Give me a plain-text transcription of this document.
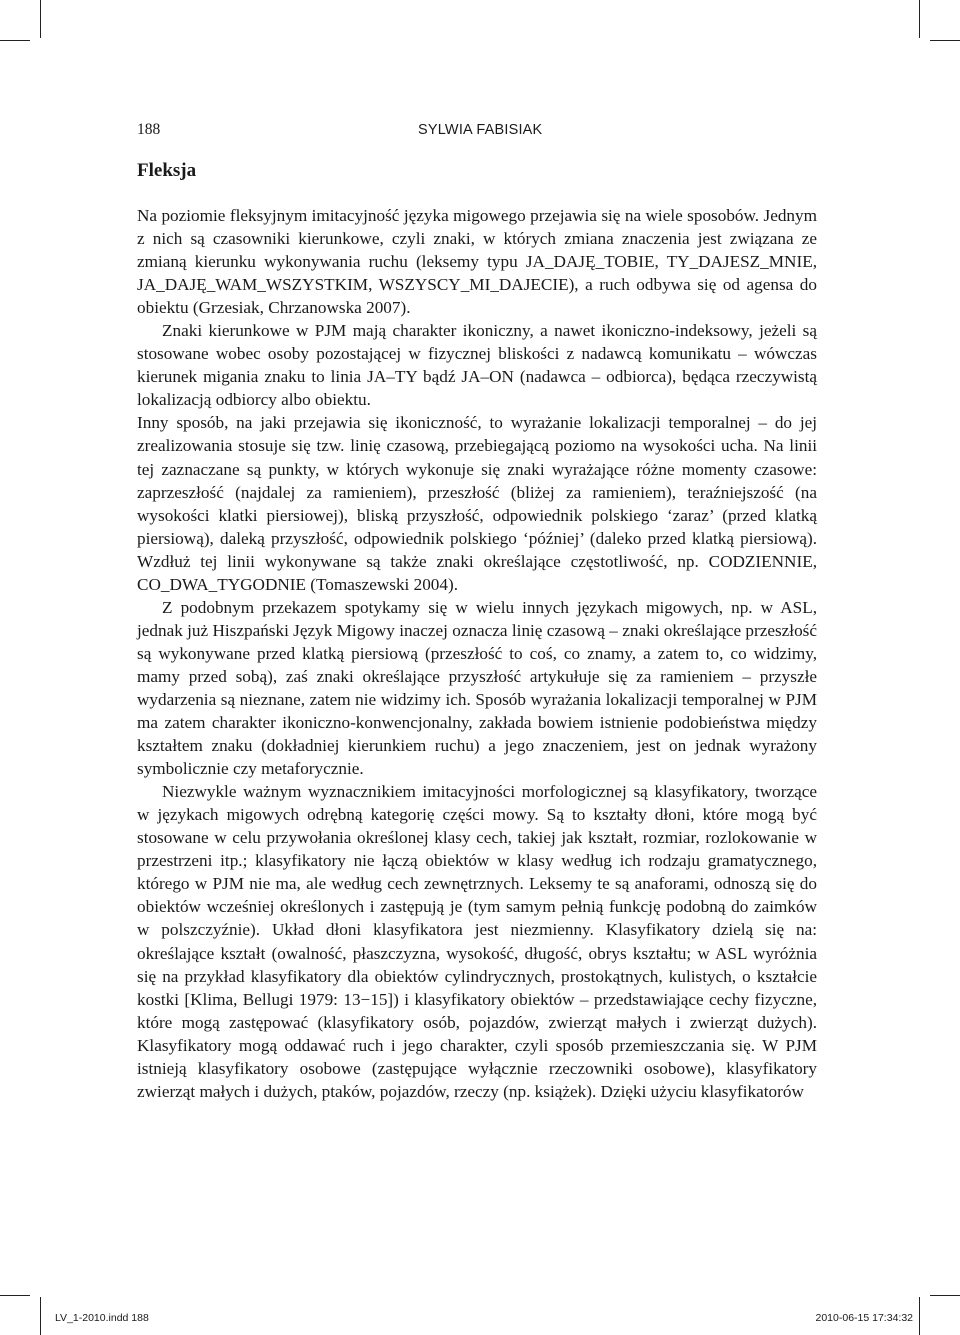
188	SYLWIA FABISIAK
Fleksja

Na poziomie fleksyjnym imitacyjność języka migowego przejawia się na wiele sposobów. Jednym z nich są czasowniki kierunkowe, czyli znaki, w których zmiana znaczenia jest związana ze zmianą kierunku wykonywania ruchu (leksemy typu JA_DAJĘ_TOBIE, TY_DAJESZ_MNIE, JA_DAJĘ_WAM_WSZYSTKIM, WSZYSCY_MI_DAJECIE), a ruch odbywa się od agensa do obiektu (Grzesiak, Chrzanowska 2007).

Znaki kierunkowe w PJM mają charakter ikoniczny, a nawet ikoniczno-indeksowy, jeżeli są stosowane wobec osoby pozostającej w fizycznej bliskości z nadawcą komunikatu – wówczas kierunek migania znaku to linia JA–TY bądź JA–ON (nadawca – odbiorca), będąca rzeczywistą lokalizacją odbiorcy albo obiektu.

Inny sposób, na jaki przejawia się ikoniczność, to wyrażanie lokalizacji temporalnej – do jej zrealizowania stosuje się tzw. linię czasową, przebiegającą poziomo na wysokości ucha. Na linii tej zaznaczane są punkty, w których wykonuje się znaki wyrażające różne momenty czasowe: zaprzeszłość (najdalej za ramieniem), przeszłość (bliżej za ramieniem), teraźniejszość (na wysokości klatki piersiowej), bliską przyszłość, odpowiednik polskiego ‘zaraz’ (przed klatką piersiową), daleką przyszłość, odpowiednik polskiego ‘później’ (daleko przed klatką piersiową). Wzdłuż tej linii wykonywane są także znaki określające częstotliwość, np. CODZIENNIE, CO_DWA_TYGODNIE (Tomaszewski 2004).

Z podobnym przekazem spotykamy się w wielu innych językach migowych, np. w ASL, jednak już Hiszpański Język Migowy inaczej oznacza linię czasową – znaki określające przeszłość są wykonywane przed klatką piersiową (przeszłość to coś, co znamy, a zatem to, co widzimy, mamy przed sobą), zaś znaki określające przyszłość artykułuje się za ramieniem – przyszłe wydarzenia są nieznane, zatem nie widzimy ich. Sposób wyrażania lokalizacji temporalnej w PJM ma zatem charakter ikoniczno-konwencjonalny, zakłada bowiem istnienie podobieństwa między kształtem znaku (dokładniej kierunkiem ruchu) a jego znaczeniem, jest on jednak wyrażony symbolicznie czy metaforycznie.

Niezwykle ważnym wyznacznikiem imitacyjności morfologicznej są klasyfikatory, tworzące w językach migowych odrębną kategorię części mowy. Są to kształty dłoni, które mogą być stosowane w celu przywołania określonej klasy cech, takiej jak kształt, rozmiar, rozlokowanie w przestrzeni itp.; klasyfikatory nie łączą obiektów w klasy według ich rodzaju gramatycznego, którego w PJM nie ma, ale według cech zewnętrznych. Leksemy te są anaforami, odnoszą się do obiektów wcześniej określonych i zastępują je (tym samym pełnią funkcję podobną do zaimków w polszczyźnie). Układ dłoni klasyfikatora jest niezmienny. Klasyfikatory dzielą się na: określające kształt (owalność, płaszczyzna, wysokość, długość, obrys kształtu; w ASL wyróżnia się na przykład klasyfikatory dla obiektów cylindrycznych, prostokątnych, kulistych, o kształcie kostki [Klima, Bellugi 1979: 13−15]) i klasyfikatory obiektów – przedstawiające cechy fizyczne, które mogą zastępować (klasyfikatory osób, pojazdów, zwierząt małych i zwierząt dużych). Klasyfikatory mogą oddawać ruch i jego charakter, czyli sposób przemieszczania się. W PJM istnieją klasyfikatory osobowe (zastępujące wyłącznie rzeczowniki osobowe), klasyfikatory zwierząt małych i dużych, ptaków, pojazdów, rzeczy (np. książek). Dzięki użyciu klasyfikatorów

LV_1-2010.indd 188	2010-06-15 17:34:32
